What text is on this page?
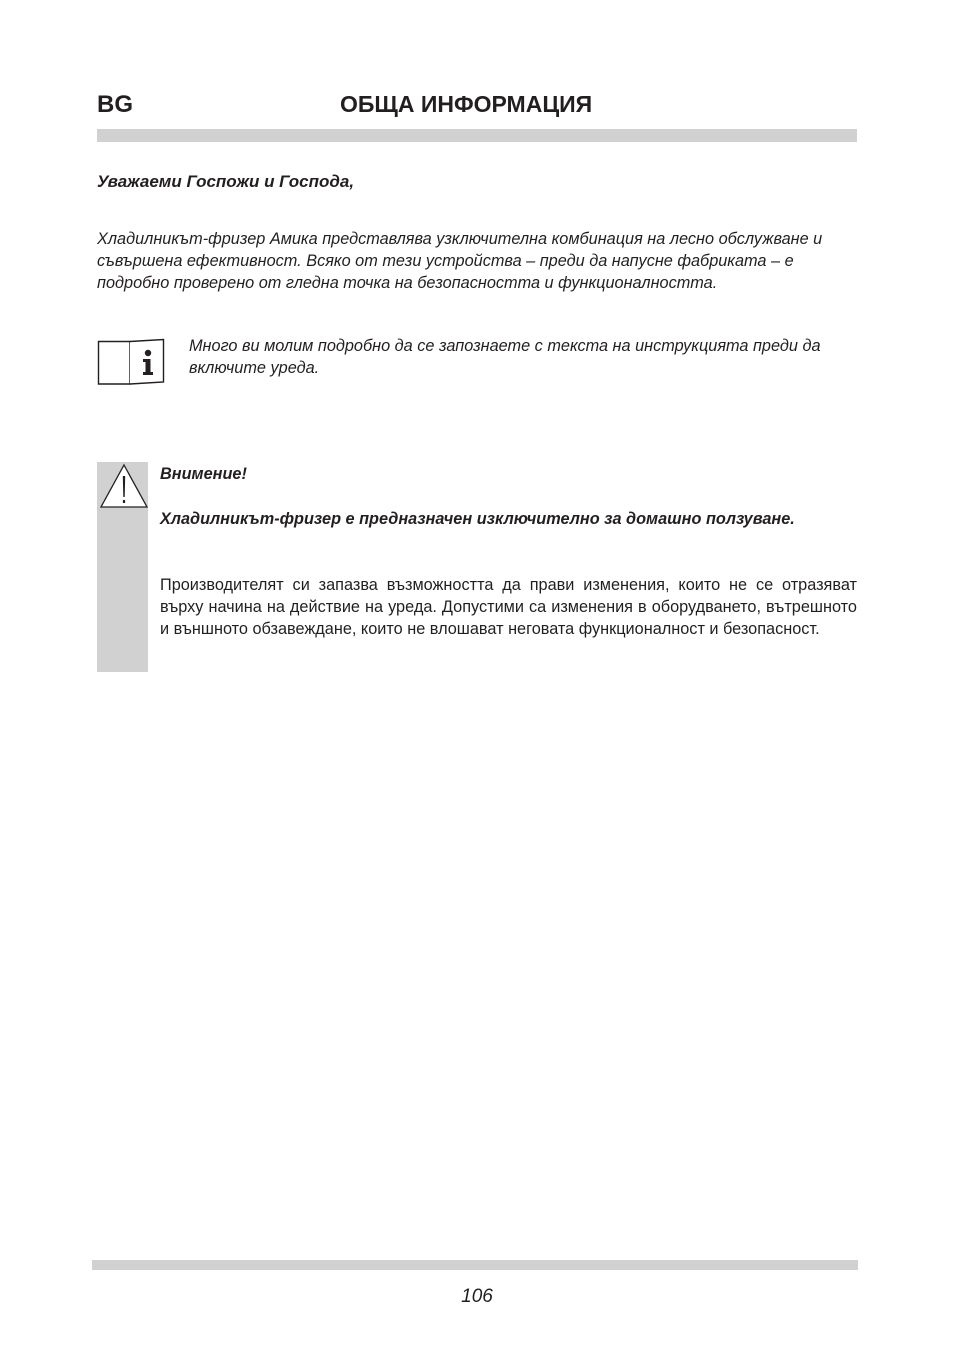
BG	ОБЩА ИНФОРМАЦИЯ
Уважаеми Госпожи и Господа,

Хладилникът-фризер Амика представлява узключителна комбинация на лесно обслужване и съвършена ефективност. Всяко от тези устройства – преди да напусне фабриката – е подробно проверено от гледна точка на безопасността и функционалността.

Много ви молим подробно да се запознаете с текста на инструкцията преди да включите уреда.

Внимение!

Хладилникът-фризер е предназначен изключително за домашно ползуване.

Производителят си запазва възможността да прави изменения, които не се отразяват върху начина на действие на уреда. Допустими са изменения в оборудването, вътрешното и външното обзавеждане, които не влошават неговата функционалност и безопасност.

106
